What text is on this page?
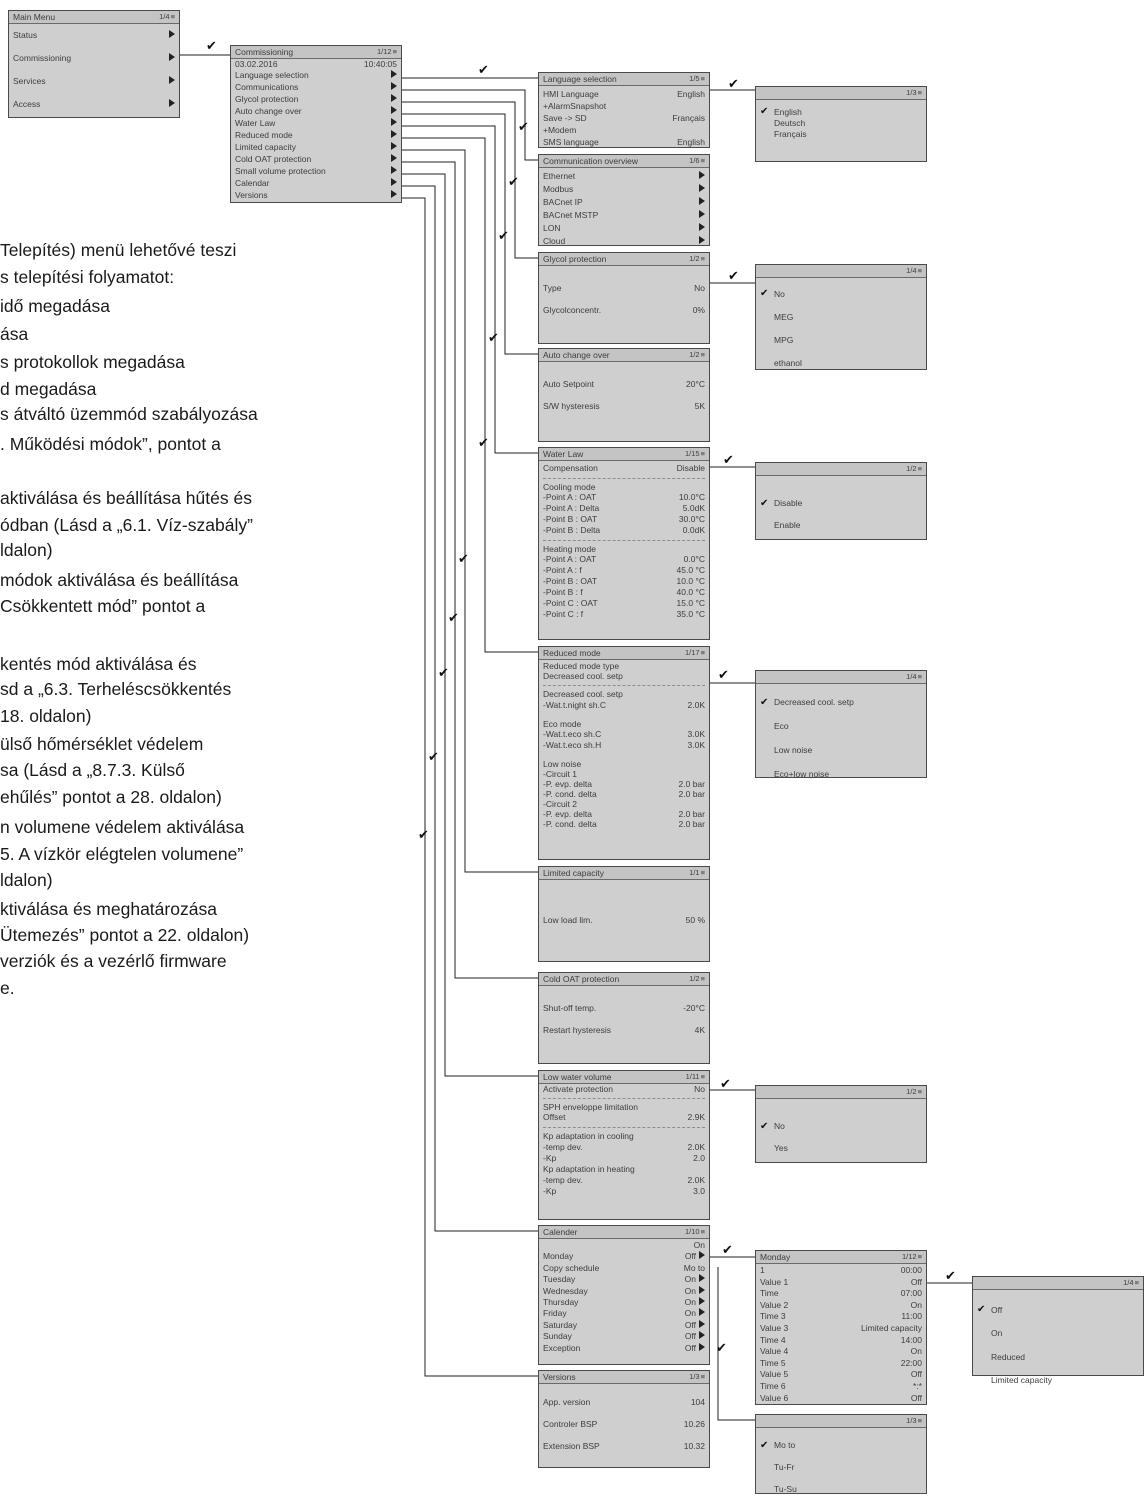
Main Menu	1/4≡
Status
Commissioning
Services
Access
Commissioning	1/12≡
03.02.2016	10:40:05
Language selection
Communications
Glycol protection
Auto change over
Water Law
Reduced mode
Limited capacity
Cold OAT protection
Small volume protection
Calendar
Versions
Language selection	1/5≡
HMI Language	English
+AlarmSnapshot
Save -> SD	Français
+Modem
SMS language	English
1/3≡
✔ English

Deutsch

Français
Communication overview	1/6≡
Ethernet
Modbus
BACnet IP
BACnet MSTP
LON
Cloud
Glycol protection	1/2≡
Type	No
Glycolconcentr.	0%
1/4≡
✔ No

MEG

MPG

ethanol
Auto change over	1/2≡
Auto Setpoint	20°C
S/W hysteresis	5K
Water Law	1/15≡
Compensation	Disable
Cooling mode
-Point A : OAT	10.0°C
-Point A : Delta	5.0dK
-Point B : OAT	30.0°C
-Point B : Delta	0.0dK
Heating mode
-Point A : OAT	0.0°C
-Point A : f	45.0 °C
-Point B : OAT	10.0 °C
-Point B : f	40.0 °C
-Point C : OAT	15.0 °C
-Point C : f	35.0 °C
1/2≡
✔ Disable

Enable
Reduced mode	1/17≡
Reduced mode type
Decreased cool. setp
Decreased cool. setp
-Wat.t.night sh.C	2.0K
Eco mode
-Wat.t.eco sh.C	3.0K
-Wat.t.eco sh.H	3.0K
Low noise
-Circuit 1
-P. evp. delta	2.0 bar
-P. cond. delta	2.0 bar
-Circuit 2
-P. evp. delta	2.0 bar
-P. cond. delta	2.0 bar
1/4≡
✔ Decreased cool. setp

Eco

Low noise

Eco+low noise
Limited capacity	1/1≡
Low load lim.	50 %
Cold OAT protection	1/2≡
Shut-off temp.	-20°C
Restart hysteresis	4K
Low water volume	1/11≡
Activate protection	No
SPH enveloppe limitation
Offset	2.9K
Kp adaptation in cooling
-temp dev.	2.0K
-Kp	2.0
Kp adaptation in heating
-temp dev.	2.0K
-Kp	3.0
1/2≡
✔ No

Yes
Calender	1/10≡
On
Monday	Off
Copy schedule	Mo to
Tuesday	On
Wednesday	On
Thursday	On
Friday	On
Saturday	Off
Sunday	Off
Exception	Off
Versions	1/3≡
App. version	104
Controler BSP	10.26
Extension BSP	10.32
Monday	1/12≡
1	00:00
Value 1	Off
Time	07:00
Value 2	On
Time 3	11:00
Value 3	Limited capacity
Time 4	14:00
Value 4	On
Time 5	22:00
Value 5	Off
Time 6	*:*
Value 6	Off
1/4≡
✔ Off

On

Reduced

Limited capacity
1/3≡
✔ Mo to

Tu-Fr

Tu-Su
✔
✔
✔
✔
✔
✔
✔
✔
✔
✔
✔
✔
✔
✔
✔
✔
✔
✔
✔
✔
Telepítés) menü lehetővé teszi
s telepítési folyamatot:
idő megadása
ása
s protokollok megadása
d megadása
s átváltó üzemmód szabályozása
. Működési módok”, pontot a
aktiválása és beállítása hűtés és
ódban (Lásd a „6.1. Víz-szabály”
ldalon)
módok aktiválása és beállítása
Csökkentett mód” pontot a
kentés mód aktiválása és
sd a „6.3. Terheléscsökkentés
18. oldalon)
ülső hőmérséklet védelem
sa (Lásd a „8.7.3. Külső
ehűlés” pontot a 28. oldalon)
n volumene védelem aktiválása
5. A vízkör elégtelen volumene”
ldalon)
ktiválása és meghatározása
Ütemezés” pontot a 22. oldalon)
verziók és a vezérlő firmware
e.
